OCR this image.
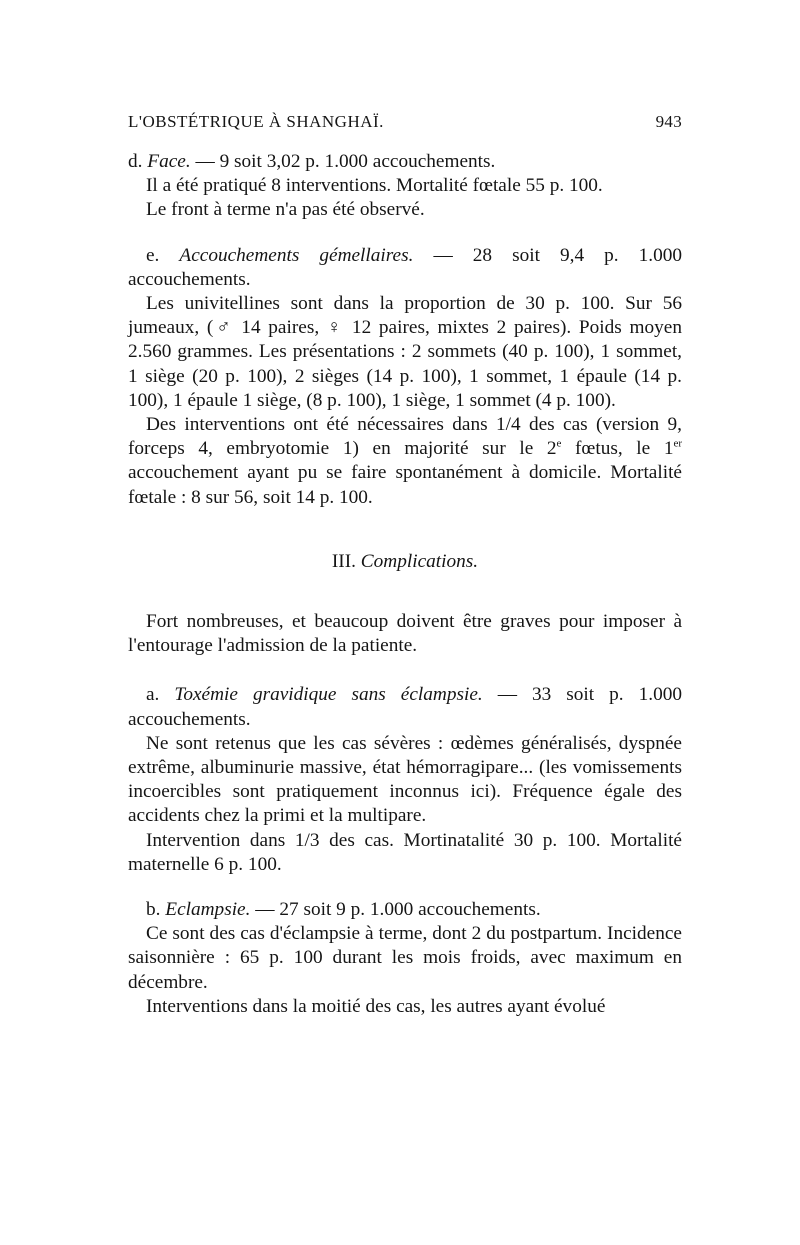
L'OBSTÉTRIQUE À SHANGHAÏ.	943

d. Face. — 9 soit 3,02 p. 1.000 accouchements.

Il a été pratiqué 8 interventions. Mortalité fœtale 55 p. 100.

Le front à terme n'a pas été observé.

e. Accouchements gémellaires. — 28 soit 9,4 p. 1.000 accouchements.

Les univitellines sont dans la proportion de 30 p. 100. Sur 56 jumeaux, (♂ 14 paires, ♀ 12 paires, mixtes 2 paires). Poids moyen 2.560 grammes. Les présentations : 2 sommets (40 p. 100), 1 sommet, 1 siège (20 p. 100), 2 sièges (14 p. 100), 1 sommet, 1 épaule (14 p. 100), 1 épaule 1 siège, (8 p. 100), 1 siège, 1 sommet (4 p. 100).

Des interventions ont été nécessaires dans 1/4 des cas (version 9, forceps 4, embryotomie 1) en majorité sur le 2e fœtus, le 1er accouchement ayant pu se faire spontanément à domicile. Mortalité fœtale : 8 sur 56, soit 14 p. 100.

III. Complications.

Fort nombreuses, et beaucoup doivent être graves pour imposer à l'entourage l'admission de la patiente.

a. Toxémie gravidique sans éclampsie. — 33 soit p. 1.000 accouchements.

Ne sont retenus que les cas sévères : œdèmes généralisés, dyspnée extrême, albuminurie massive, état hémorragipare... (les vomissements incoercibles sont pratiquement inconnus ici). Fréquence égale des accidents chez la primi et la multipare.

Intervention dans 1/3 des cas. Mortinatalité 30 p. 100. Mortalité maternelle 6 p. 100.

b. Eclampsie. — 27 soit 9 p. 1.000 accouchements.

Ce sont des cas d'éclampsie à terme, dont 2 du postpartum. Incidence saisonnière : 65 p. 100 durant les mois froids, avec maximum en décembre.

Interventions dans la moitié des cas, les autres ayant évolué
